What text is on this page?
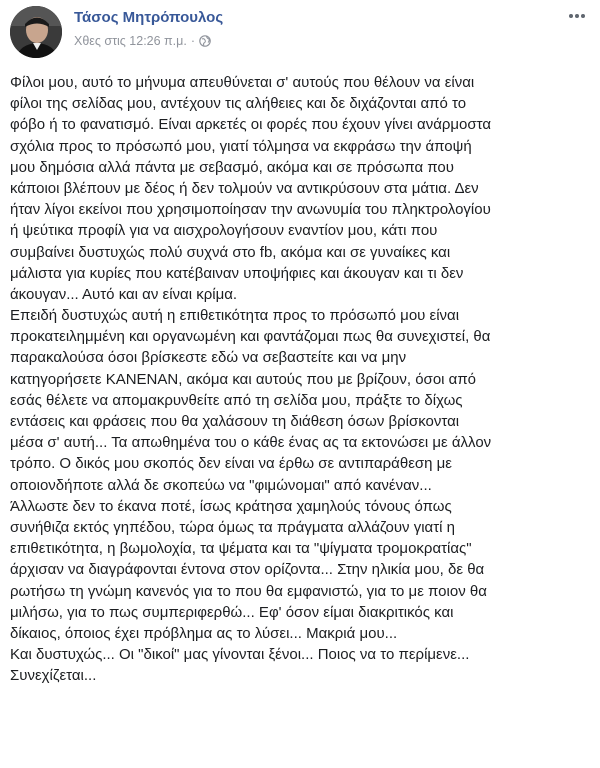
Τάσος Μητρόπουλος
Χθες στις 12:26 π.μ. ·
Φίλοι μου, αυτό το μήνυμα απευθύνεται σ' αυτούς που θέλουν να είναι
φίλοι της σελίδας μου, αντέχουν τις αλήθειες και δε διχάζονται από το
φόβο ή το φανατισμό. Είναι αρκετές οι φορές που έχουν γίνει ανάρμοστα
σχόλια προς το πρόσωπό μου, γιατί τόλμησα να εκφράσω την άποψή
μου δημόσια αλλά πάντα με σεβασμό, ακόμα και σε πρόσωπα που
κάποιοι βλέπουν με δέος ή δεν τολμούν να αντικρύσουν στα μάτια. Δεν
ήταν λίγοι εκείνοι που χρησιμοποίησαν την ανωνυμία του πληκτρολογίου
ή ψεύτικα προφίλ για να αισχρολογήσουν εναντίον μου, κάτι που
συμβαίνει δυστυχώς πολύ συχνά στο fb, ακόμα και σε γυναίκες και
μάλιστα για κυρίες που κατέβαιναν υποψήφιες και άκουγαν και τι δεν
άκουγαν... Αυτό και αν είναι κρίμα.
Επειδή δυστυχώς αυτή η επιθετικότητα προς το πρόσωπό μου είναι
προκατειλημμένη και οργανωμένη και φαντάζομαι πως θα συνεχιστεί, θα
παρακαλούσα όσοι βρίσκεστε εδώ να σεβαστείτε και να μην
κατηγορήσετε ΚΑΝΕΝΑΝ, ακόμα και αυτούς που με βρίζουν, όσοι από
εσάς θέλετε να απομακρυνθείτε από τη σελίδα μου, πράξτε το δίχως
εντάσεις και φράσεις που θα χαλάσουν τη διάθεση όσων βρίσκονται
μέσα σ' αυτή... Τα απωθημένα του ο κάθε ένας ας τα εκτονώσει με άλλον
τρόπο. Ο δικός μου σκοπός δεν είναι να έρθω σε αντιπαράθεση με
οποιονδήποτε αλλά δε σκοπεύω να "φιμώνομαι" από κανέναν...
Άλλωστε δεν το έκανα ποτέ, ίσως κράτησα χαμηλούς τόνους όπως
συνήθιζα εκτός γηπέδου, τώρα όμως τα πράγματα αλλάζουν γιατί η
επιθετικότητα, η βωμολοχία, τα ψέματα και τα "ψίγματα τρομοκρατίας"
άρχισαν να διαγράφονται έντονα στον ορίζοντα... Στην ηλικία μου, δε θα
ρωτήσω τη γνώμη κανενός για το που θα εμφανιστώ, για το με ποιον θα
μιλήσω, για το πως συμπεριφερθώ... Εφ' όσον είμαι διακριτικός και
δίκαιος, όποιος έχει πρόβλημα ας το λύσει... Μακριά μου...
Και δυστυχώς... Οι "δικοί" μας γίνονται ξένοι... Ποιος να το περίμενε...
Συνεχίζεται...
